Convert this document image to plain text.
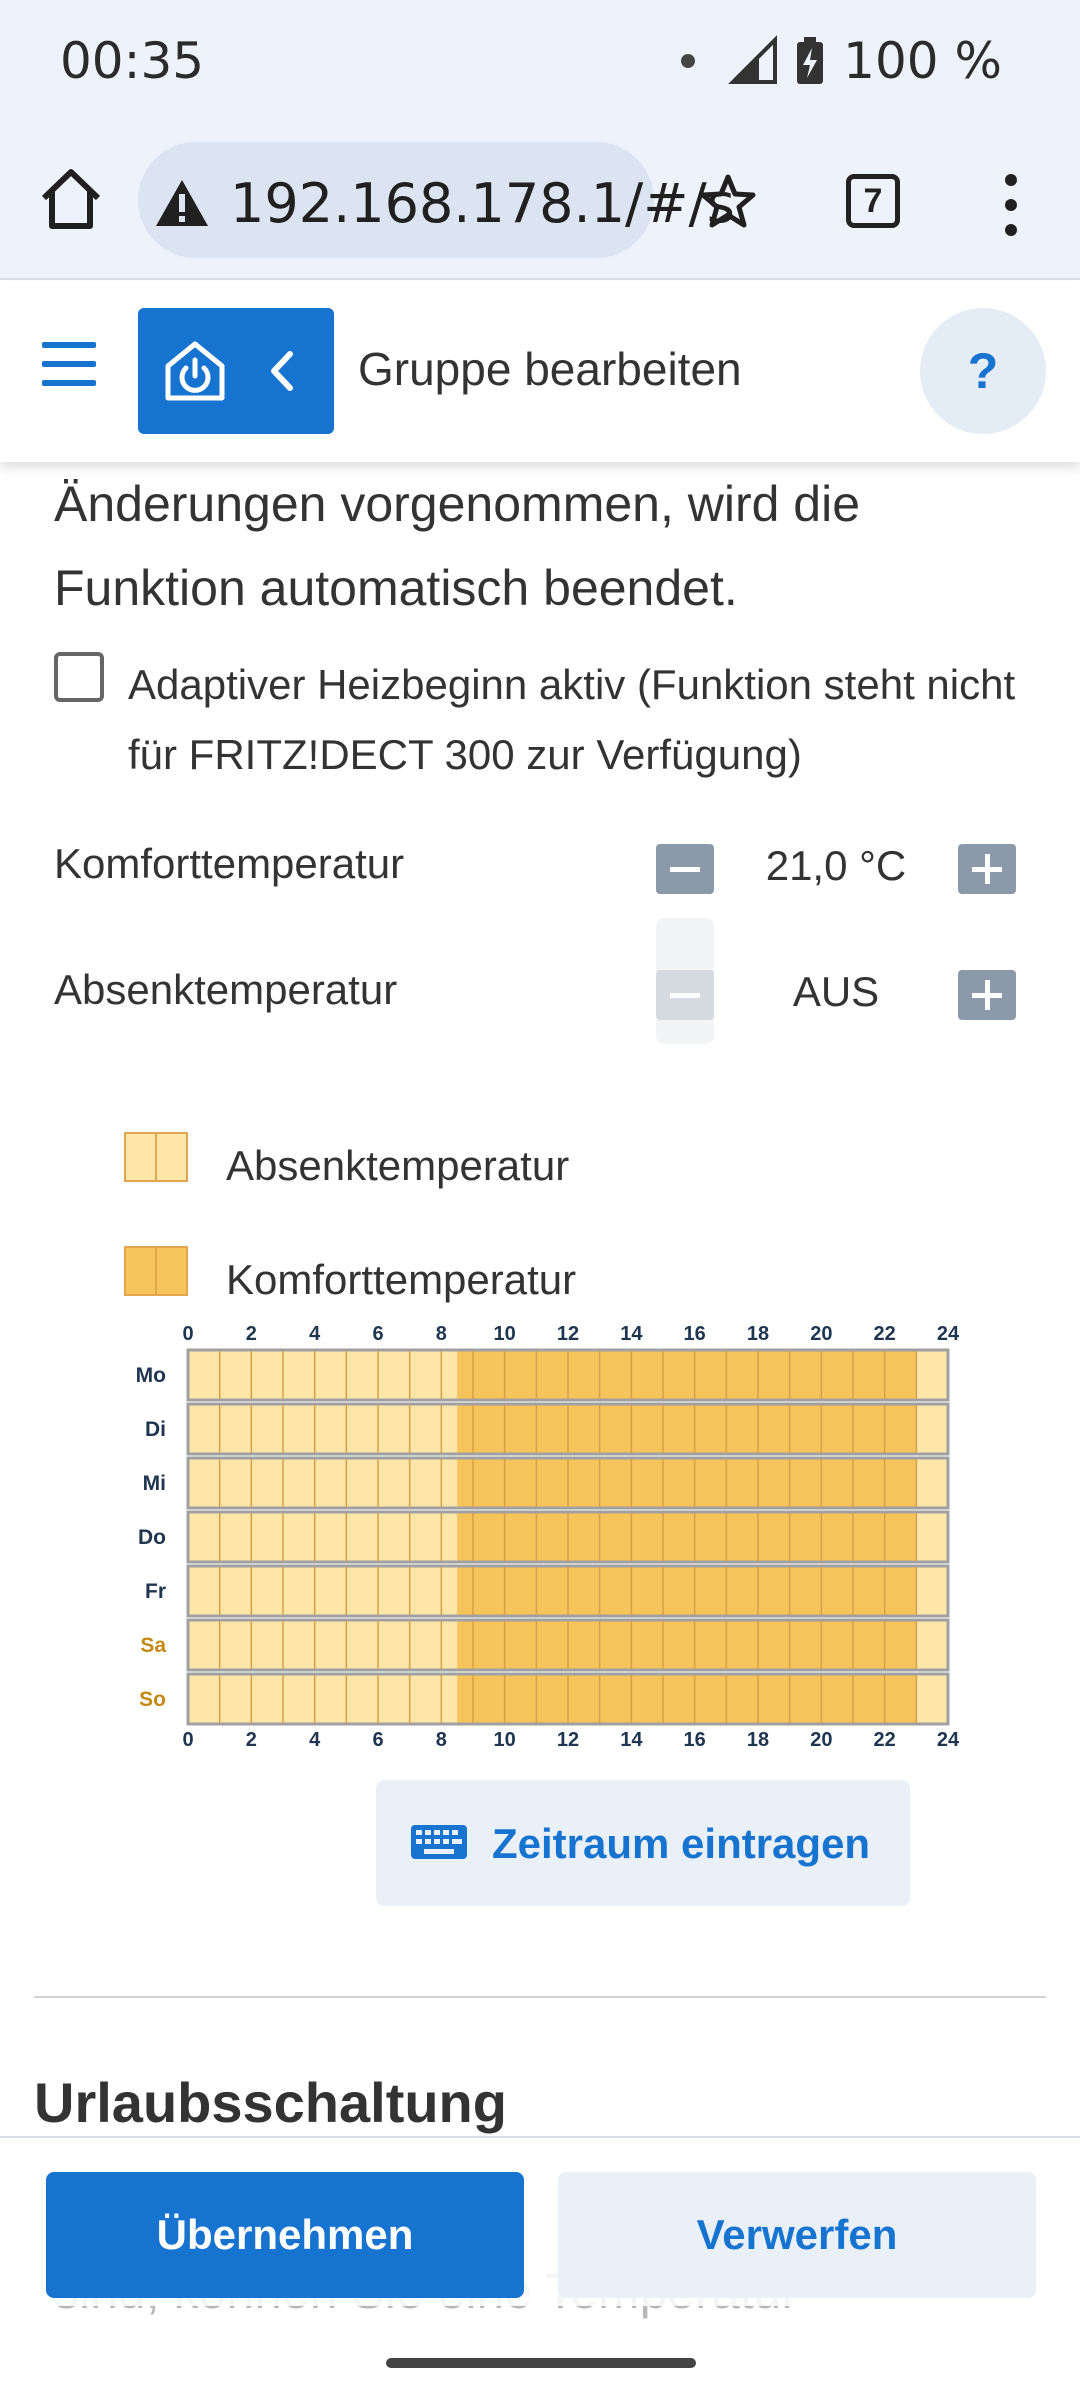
00:35	100 %
192.168.178.1/#/s	7
Gruppe bearbeiten	?
Änderungen vorgenommen, wird die Funktion automatisch beendet.
Adaptiver Heizbeginn aktiv (Funktion steht nicht für FRITZ!DECT 300 zur Verfügung)
Komforttemperatur	21,0 °C
Absenktemperatur	AUS
Absenktemperatur
Komforttemperatur
0
0
2
2
4
4
6
6
8
8
10
10
12
12
14
14
16
16
18
18
20
20
22
22
24
24
Mo
Di
Mi
Do
Fr
Sa
So
Zeitraum eintragen
Urlaubsschaltung
Übernehmen	Verwerfen
